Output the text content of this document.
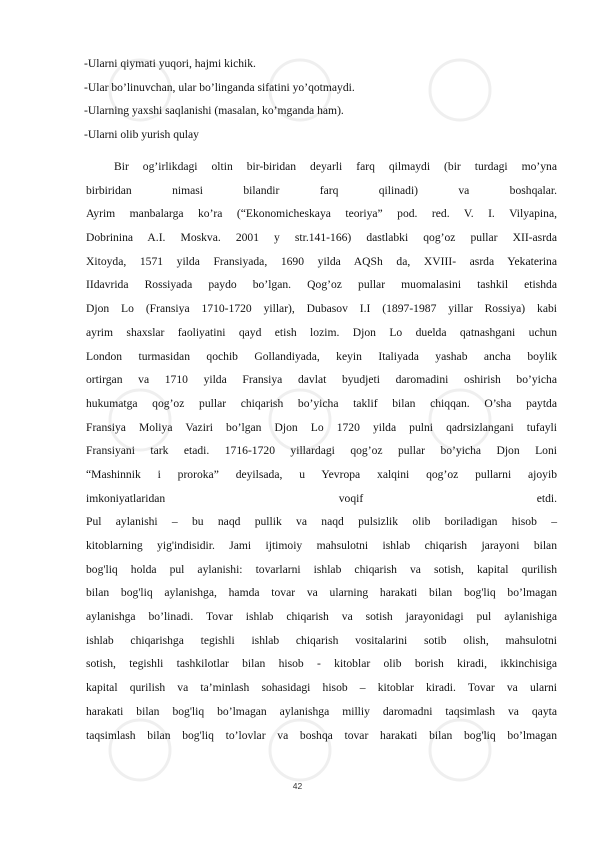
-Ularni qiymati yuqori, hajmi kichik.
-Ular bo’linuvchan, ular bo’linganda sifatini yo’qotmaydi.
-Ularning yaxshi saqlanishi (masalan, ko’mganda ham).
-Ularni olib yurish qulay
Bir og’irlikdagi oltin bir-biridan deyarli farq qilmaydi (bir turdagi mo’yna
birbiridan nimasi bilandir farq qilinadi) va boshqalar.
Ayrim manbalarga ko’ra (“Ekonomicheskaya teoriya” pod. red. V. I. Vilyapina,
Dobrinina A.I. Moskva. 2001 y str.141-166) dastlabki qog’oz pullar XII-asrda
Xitoyda, 1571 yilda Fransiyada, 1690 yilda AQSh da, XVIII- asrda Yekaterina
IIdavrida Rossiyada paydo bo’lgan. Qog’oz pullar muomalasini tashkil etishda
Djon Lo (Fransiya 1710-1720 yillar), Dubasov I.I (1897-1987 yillar Rossiya) kabi
ayrim shaxslar faoliyatini qayd etish lozim. Djon Lo duelda qatnashgani uchun
London turmasidan qochib Gollandiyada, keyin Italiyada yashab ancha boylik
ortirgan va 1710 yilda Fransiya davlat byudjeti daromadini oshirish bo’yicha
hukumatga qog’oz pullar chiqarish bo’yicha taklif bilan chiqqan. O’sha paytda
Fransiya Moliya Vaziri bo’lgan Djon Lo 1720 yilda pulni qadrsizlangani tufayli
Fransiyani tark etadi. 1716-1720 yillardagi qog’oz pullar bo’yicha Djon Loni
“Mashinnik i proroka” deyilsada, u Yevropa xalqini qog’oz pullarni ajoyib
imkoniyatlaridan voqif etdi.
Pul aylanishi – bu naqd pullik va naqd pulsizlik olib boriladigan hisob –
kitoblarning yig'indisidir. Jami ijtimoiy mahsulotni ishlab chiqarish jarayoni bilan
bog'liq holda pul aylanishi: tovarlarni ishlab chiqarish va sotish, kapital qurilish
bilan bog'liq aylanishga, hamda tovar va ularning harakati bilan bog'liq bo’lmagan
aylanishga bo’linadi. Tovar ishlab chiqarish va sotish jarayonidagi pul aylanishiga
ishlab chiqarishga tegishli ishlab chiqarish vositalarini sotib olish, mahsulotni
sotish, tegishli tashkilotlar bilan hisob - kitoblar olib borish kiradi, ikkinchisiga
kapital qurilish va ta’minlash sohasidagi hisob – kitoblar kiradi. Tovar va ularni
harakati bilan bog'liq bo’lmagan aylanishga milliy daromadni taqsimlash va qayta
taqsimlash bilan bog'liq to’lovlar va boshqa tovar harakati bilan bog'liq bo’lmagan
42
